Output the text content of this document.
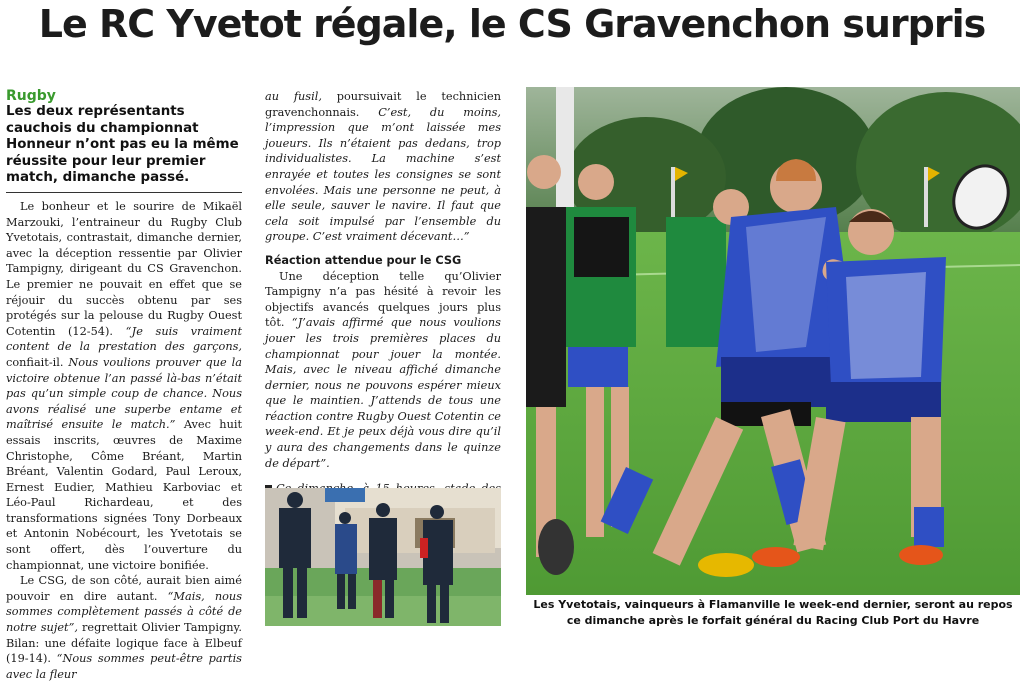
Le RC Yvetot régale, le CS Gravenchon surpris
Rugby
Les deux représentants cauchois du championnat Honneur n’ont pas eu la même réussite pour leur premier match, dimanche passé.

Le bonheur et le sourire de Mikaël Marzouki, l’entraineur du Rugby Club Yvetotais, contrastait, dimanche dernier, avec la déception ressentie par Olivier Tampigny, dirigeant du CS Gravenchon. Le premier ne pouvait en effet que se réjouir du succès obtenu par ses protégés sur la pelouse du Rugby Ouest Cotentin (12-54). “Je suis vraiment content de la prestation des garçons, confiait-il. Nous voulions prouver que la victoire obtenue l’an passé là-bas n’était pas qu’un simple coup de chance. Nous avons réalisé une superbe entame et maîtrisé ensuite le match.” Avec huit essais inscrits, œuvres de Maxime Christophe, Côme Bréant, Martin Bréant, Valentin Godard, Paul Leroux, Ernest Eudier, Mathieu Karboviac et Léo-Paul Richardeau, et des transformations signées Tony Dorbeaux et Antonin Nobécourt, les Yvetotais se sont offert, dès l’ouverture du championnat, une victoire bonifiée.

Le CSG, de son côté, aurait bien aimé pouvoir en dire autant. “Mais, nous sommes complètement passés à côté de notre sujet”, regrettait Olivier Tampigny. Bilan: une défaite logique face à Elbeuf (19-14). “Nous sommes peut-être partis avec la fleur

au fusil, poursuivait le technicien gravenchonnais. C’est, du moins, l’impression que m’ont laissée mes joueurs. Ils n’étaient pas dedans, trop individualistes. La machine s’est enrayée et toutes les consignes se sont envolées. Mais une personne ne peut, à elle seule, sauver le navire. Il faut que cela soit impulsé par l’ensemble du groupe. C’est vraiment décevant…”

Réaction attendue pour le CSG

Une déception telle qu’Olivier Tampigny n’a pas hésité à revoir les objectifs avancés quelques jours plus tôt. “J’avais affirmé que nous voulions jouer les trois premières places du championnat pour jouer la montée. Mais, avec le niveau affiché dimanche dernier, nous ne pouvons espérer mieux que le maintien. J’attends de tous une réaction contre Rugby Ouest Cotentin ce week-end. Et je peux déjà vous dire qu’il y aura des changements dans le quinze de départ”.

Les Yvetotais, vainqueurs à Flamanville le week-end dernier, seront au repos ce dimanche après le forfait général du Racing Club Port du Havre
